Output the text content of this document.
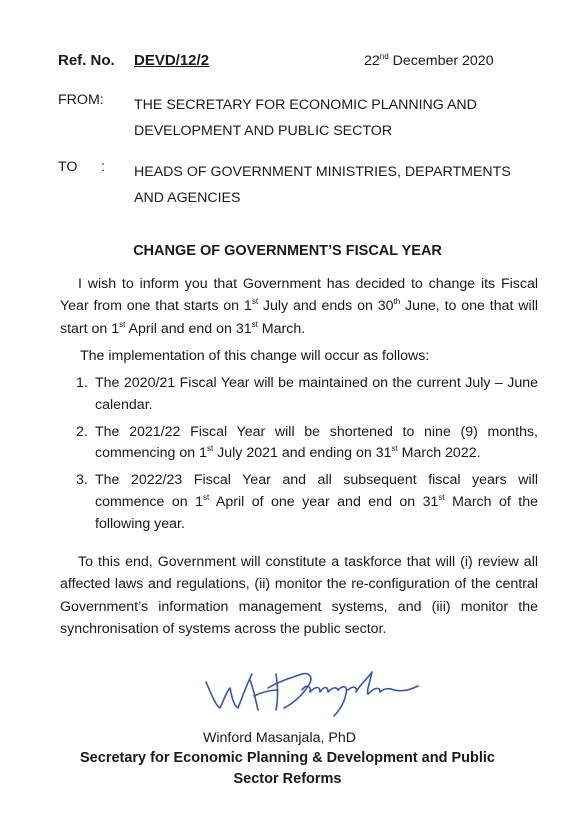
Ref. No. DEVD/12/2	22nd December 2020
FROM: THE SECRETARY FOR ECONOMIC PLANNING AND
DEVELOPMENT AND PUBLIC SECTOR
TO : HEADS OF GOVERNMENT MINISTRIES, DEPARTMENTS
AND AGENCIES
CHANGE OF GOVERNMENT’S FISCAL YEAR
I wish to inform you that Government has decided to change its Fiscal Year from one that starts on 1st July and ends on 30th June, to one that will start on 1st April and end on 31st March.
The implementation of this change will occur as follows:
1. The 2020/21 Fiscal Year will be maintained on the current July – June calendar.
2. The 2021/22 Fiscal Year will be shortened to nine (9) months, commencing on 1st July 2021 and ending on 31st March 2022.
3. The 2022/23 Fiscal Year and all subsequent fiscal years will commence on 1st April of one year and end on 31st March of the following year.
To this end, Government will constitute a taskforce that will (i) review all affected laws and regulations, (ii) monitor the re-configuration of the central Government’s information management systems, and (iii) monitor the synchronisation of systems across the public sector.
Winford Masanjala, PhD
Secretary for Economic Planning & Development and Public
Sector Reforms
